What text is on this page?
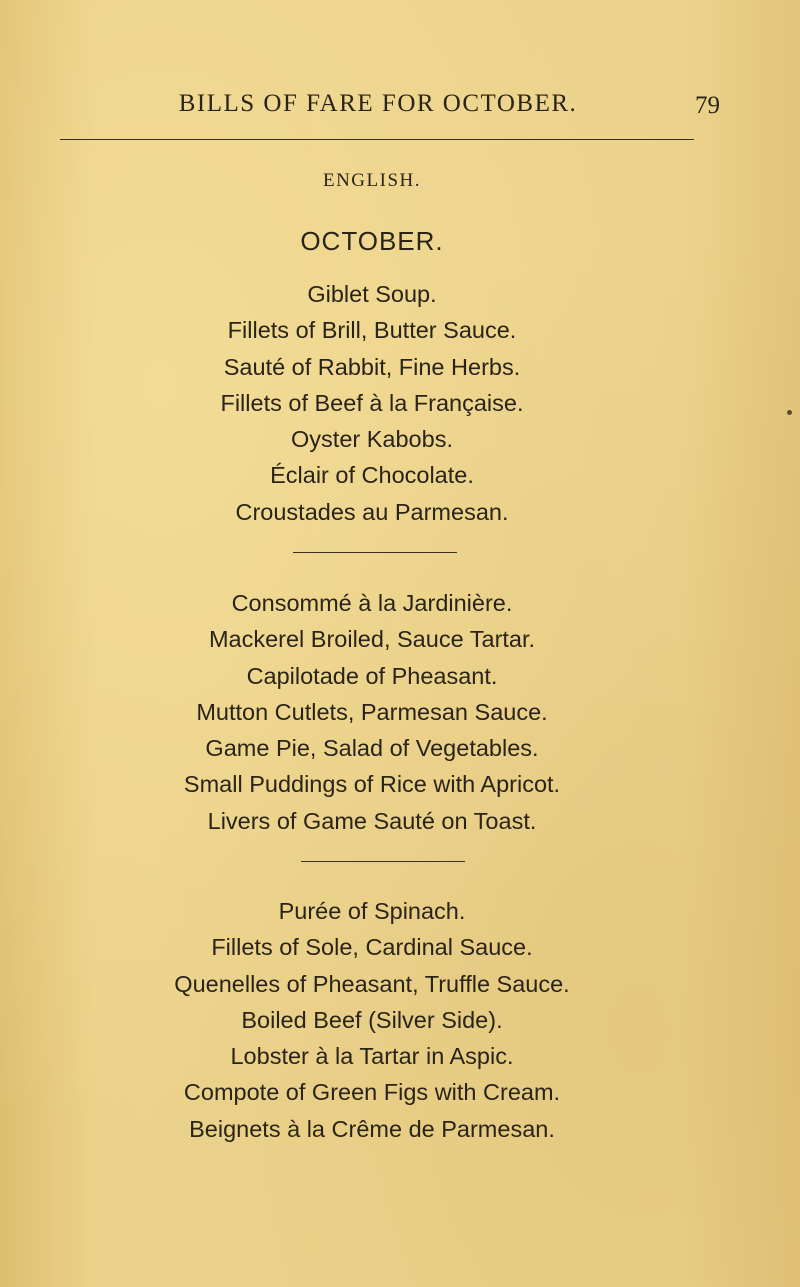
BILLS OF FARE FOR OCTOBER.	79
ENGLISH.
OCTOBER.
Giblet Soup.
Fillets of Brill, Butter Sauce.
Sauté of Rabbit, Fine Herbs.
Fillets of Beef à la Française.
Oyster Kabobs.
Éclair of Chocolate.
Croustades au Parmesan.
Consommé à la Jardinière.
Mackerel Broiled, Sauce Tartar.
Capilotade of Pheasant.
Mutton Cutlets, Parmesan Sauce.
Game Pie, Salad of Vegetables.
Small Puddings of Rice with Apricot.
Livers of Game Sauté on Toast.
Purée of Spinach.
Fillets of Sole, Cardinal Sauce.
Quenelles of Pheasant, Truffle Sauce.
Boiled Beef (Silver Side).
Lobster à la Tartar in Aspic.
Compote of Green Figs with Cream.
Beignets à la Crême de Parmesan.
